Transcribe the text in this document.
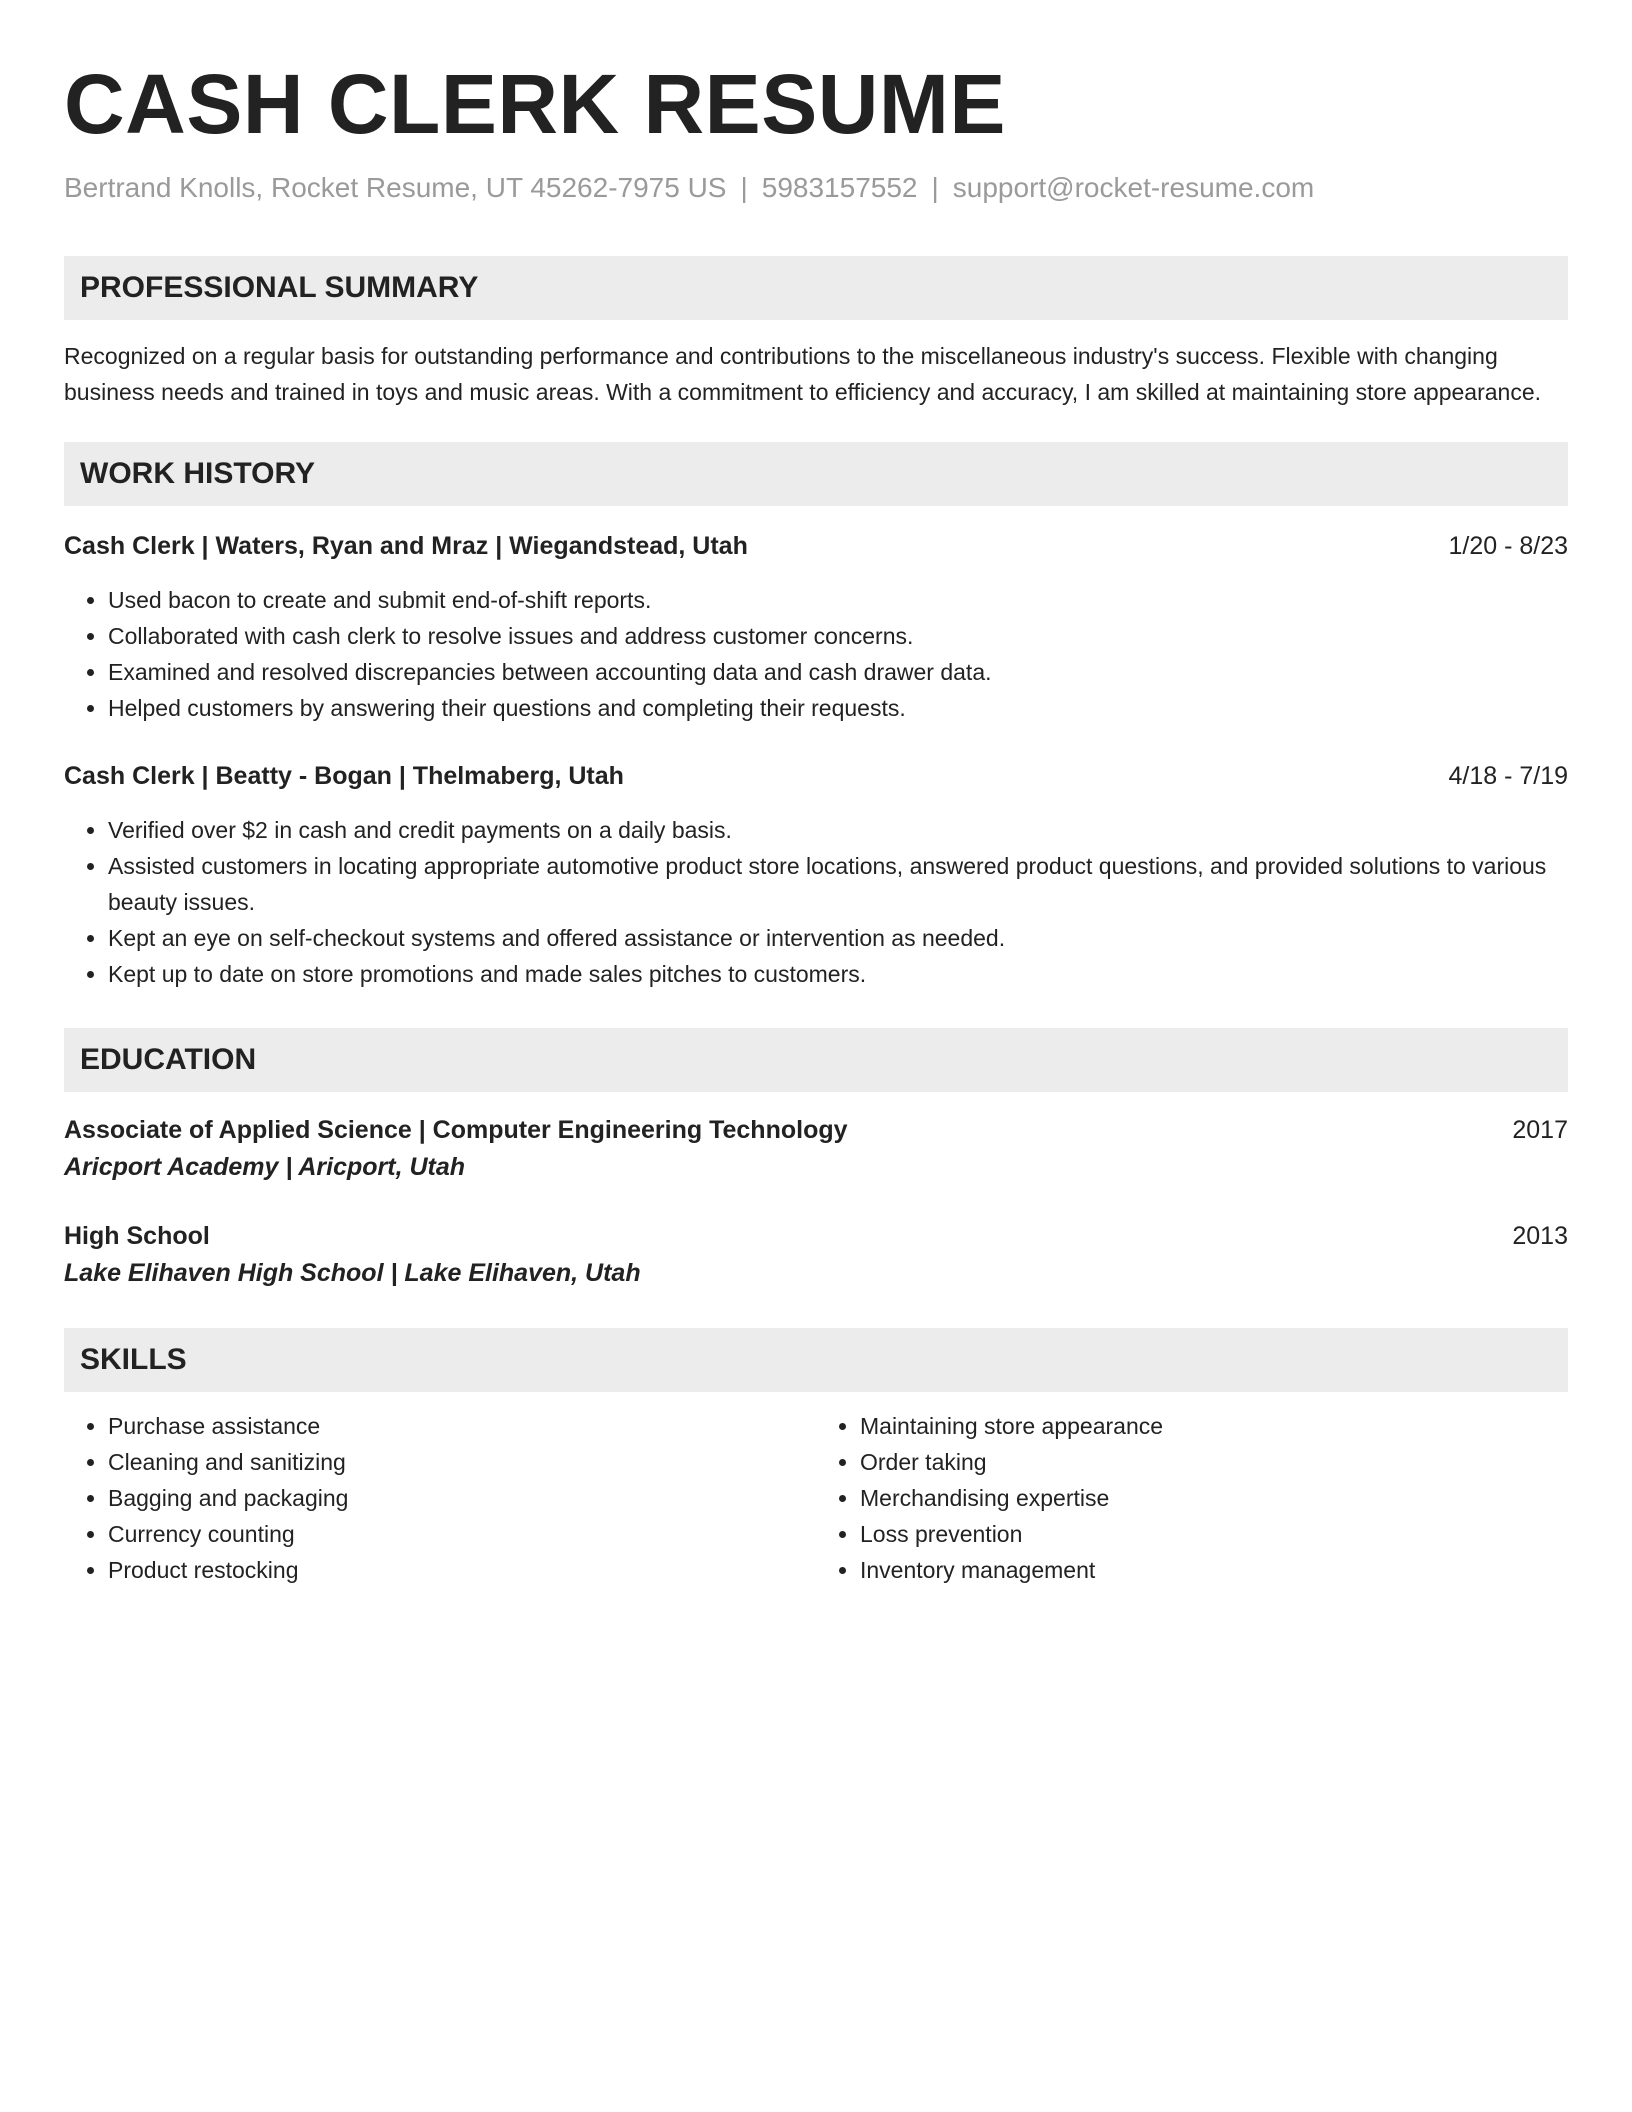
CASH CLERK RESUME
Bertrand Knolls, Rocket Resume, UT 45262-7975 US | 5983157552 | support@rocket-resume.com
PROFESSIONAL SUMMARY

Recognized on a regular basis for outstanding performance and contributions to the miscellaneous industry's success. Flexible with changing business needs and trained in toys and music areas. With a commitment to efficiency and accuracy, I am skilled at maintaining store appearance.

WORK HISTORY
Cash Clerk | Waters, Ryan and Mraz | Wiegandstead, Utah	1/20 - 8/23
• Used bacon to create and submit end-of-shift reports.
• Collaborated with cash clerk to resolve issues and address customer concerns.
• Examined and resolved discrepancies between accounting data and cash drawer data.
• Helped customers by answering their questions and completing their requests.
Cash Clerk | Beatty - Bogan | Thelmaberg, Utah	4/18 - 7/19
• Verified over $2 in cash and credit payments on a daily basis.
• Assisted customers in locating appropriate automotive product store locations, answered product questions, and provided solutions to various beauty issues.
• Kept an eye on self-checkout systems and offered assistance or intervention as needed.
• Kept up to date on store promotions and made sales pitches to customers.
EDUCATION
Associate of Applied Science | Computer Engineering Technology	2017
Aricport Academy | Aricport, Utah
High School	2013
Lake Elihaven High School | Lake Elihaven, Utah
SKILLS
• Purchase assistance
• Cleaning and sanitizing
• Bagging and packaging
• Currency counting
• Product restocking
• Maintaining store appearance
• Order taking
• Merchandising expertise
• Loss prevention
• Inventory management
